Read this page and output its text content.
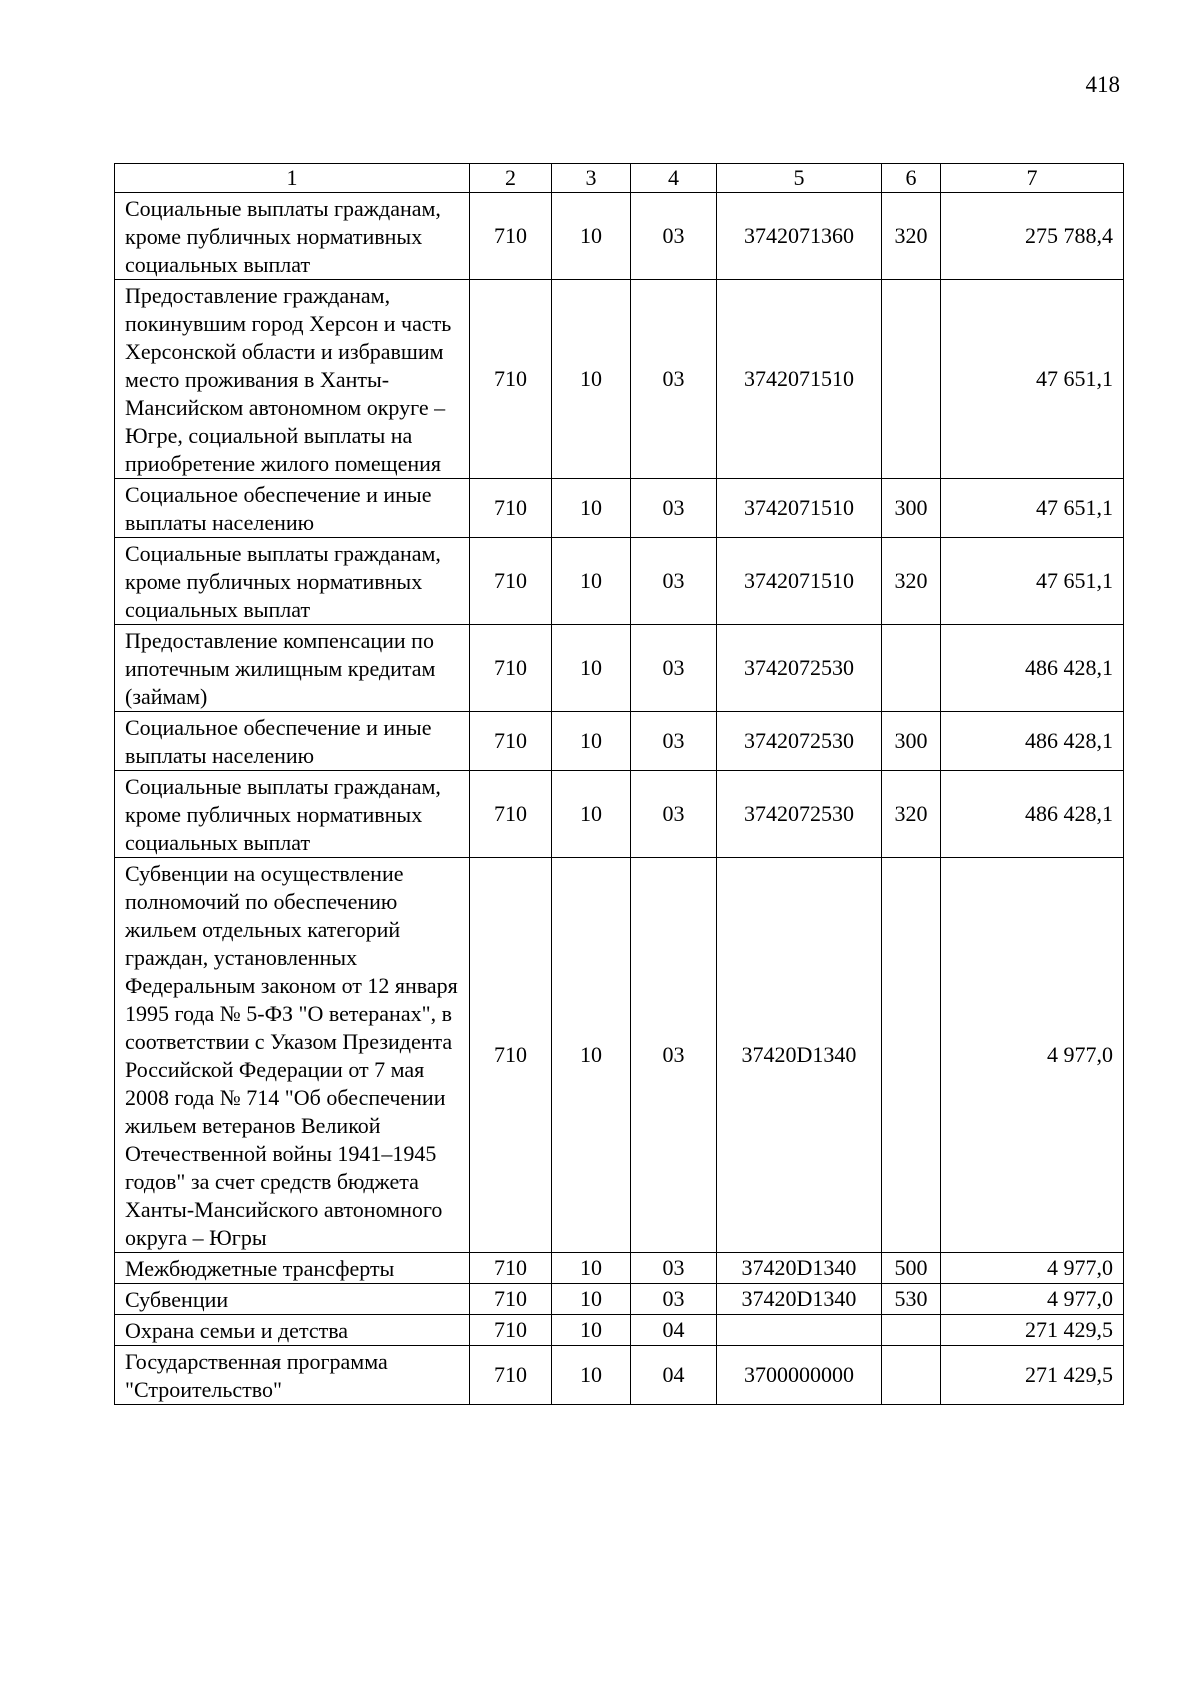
418
1	2	3	4	5	6	7
Социальные выплаты гражданам, кроме публичных нормативных социальных выплат	710	10	03	3742071360	320	275 788,4
Предоставление гражданам, покинувшим город Херсон и часть Херсонской области и избравшим место проживания в Ханты-Мансийском автономном округе – Югре, социальной выплаты на приобретение жилого помещения	710	10	03	3742071510		47 651,1
Социальное обеспечение и иные выплаты населению	710	10	03	3742071510	300	47 651,1
Социальные выплаты гражданам, кроме публичных нормативных социальных выплат	710	10	03	3742071510	320	47 651,1
Предоставление компенсации по ипотечным жилищным кредитам (займам)	710	10	03	3742072530		486 428,1
Социальное обеспечение и иные выплаты населению	710	10	03	3742072530	300	486 428,1
Социальные выплаты гражданам, кроме публичных нормативных социальных выплат	710	10	03	3742072530	320	486 428,1
Субвенции на осуществление полномочий по обеспечению жильем отдельных категорий граждан, установленных Федеральным законом от 12 января 1995 года № 5-ФЗ "О ветеранах", в соответствии с Указом Президента Российской Федерации от 7 мая 2008 года № 714 "Об обеспечении жильем ветеранов Великой Отечественной войны 1941–1945 годов" за счет средств бюджета Ханты-Мансийского автономного округа – Югры	710	10	03	37420D1340		4 977,0
Межбюджетные трансферты	710	10	03	37420D1340	500	4 977,0
Субвенции	710	10	03	37420D1340	530	4 977,0
Охрана семьи и детства	710	10	04			271 429,5
Государственная программа "Строительство"	710	10	04	3700000000		271 429,5
